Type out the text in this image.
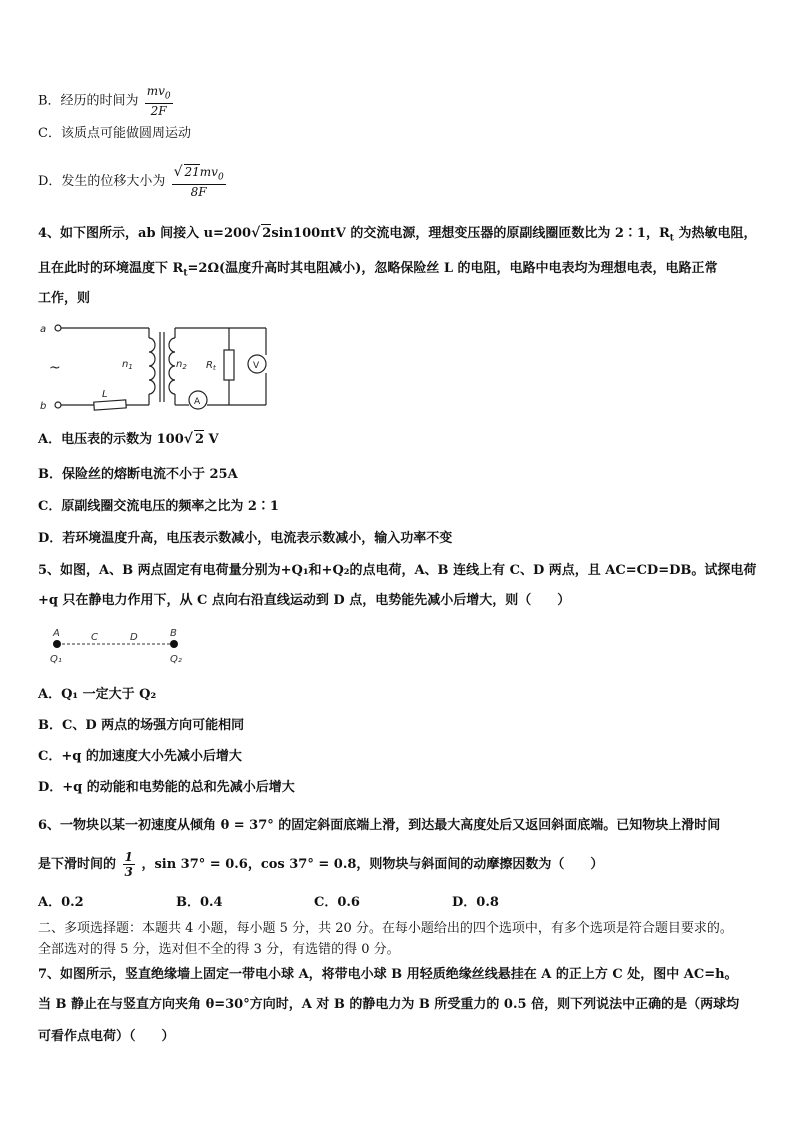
B．经历的时间为 $\frac{mv_0}{2F}$
C．该质点可能做圆周运动
D．发生的位移大小为 $\frac{√ 21mv_0}{8F}$
4、如下图所示，ab 间接入 u=200√ 2sin100πtV 的交流电源，理想变压器的原副线圈匝数比为 2∶1，$R_t$ 为热敏电阻，
且在此时的环境温度下 $R_t=2\Omega$(温度升高时其电阻减小)，忽略保险丝 L 的电阻，电路中电表均为理想电表，电路正常
工作，则
a
b
~	$n_1$	$n_2$ $R_t$	V
A
L
A．电压表的示数为 100√ 2 V
B．保险丝的熔断电流不小于 25A
C．原副线圈交流电压的频率之比为 2∶1
D．若环境温度升高，电压表示数减小，电流表示数减小，输入功率不变
5、如图，A、B 两点固定有电荷量分别为+Q₁和+Q₂的点电荷，A、B 连线上有 C、D 两点，且 AC=CD=DB。试探电荷
+q 只在静电力作用下，从 C 点向右沿直线运动到 D 点，电势能先减小后增大，则（　　）
A	C	D	B
Q₁	Q₂
A．Q₁ 一定大于 Q₂
B．C、D 两点的场强方向可能相同
C．+q 的加速度大小先减小后增大
D．+q 的动能和电势能的总和先减小后增大
6、一物块以某一初速度从倾角 θ = 37° 的固定斜面底端上滑，到达最大高度处后又返回斜面底端。已知物块上滑时间
是下滑时间的 $\frac{1}{3}$ ，sin 37° = 0.6，cos 37° = 0.8，则物块与斜面间的动摩擦因数为（　　）
A．0.2	B．0.4	C．0.6	D．0.8
二、多项选择题：本题共 4 小题，每小题 5 分，共 20 分。在每小题给出的四个选项中，有多个选项是符合题目要求的。
全部选对的得 5 分，选对但不全的得 3 分，有选错的得 0 分。
7、如图所示，竖直绝缘墙上固定一带电小球 A，将带电小球 B 用轻质绝缘丝线悬挂在 A 的正上方 C 处，图中 AC=h。
当 B 静止在与竖直方向夹角 θ=30°方向时，A 对 B 的静电力为 B 所受重力的 0.5 倍，则下列说法中正确的是（两球均
可看作点电荷）（　　）
